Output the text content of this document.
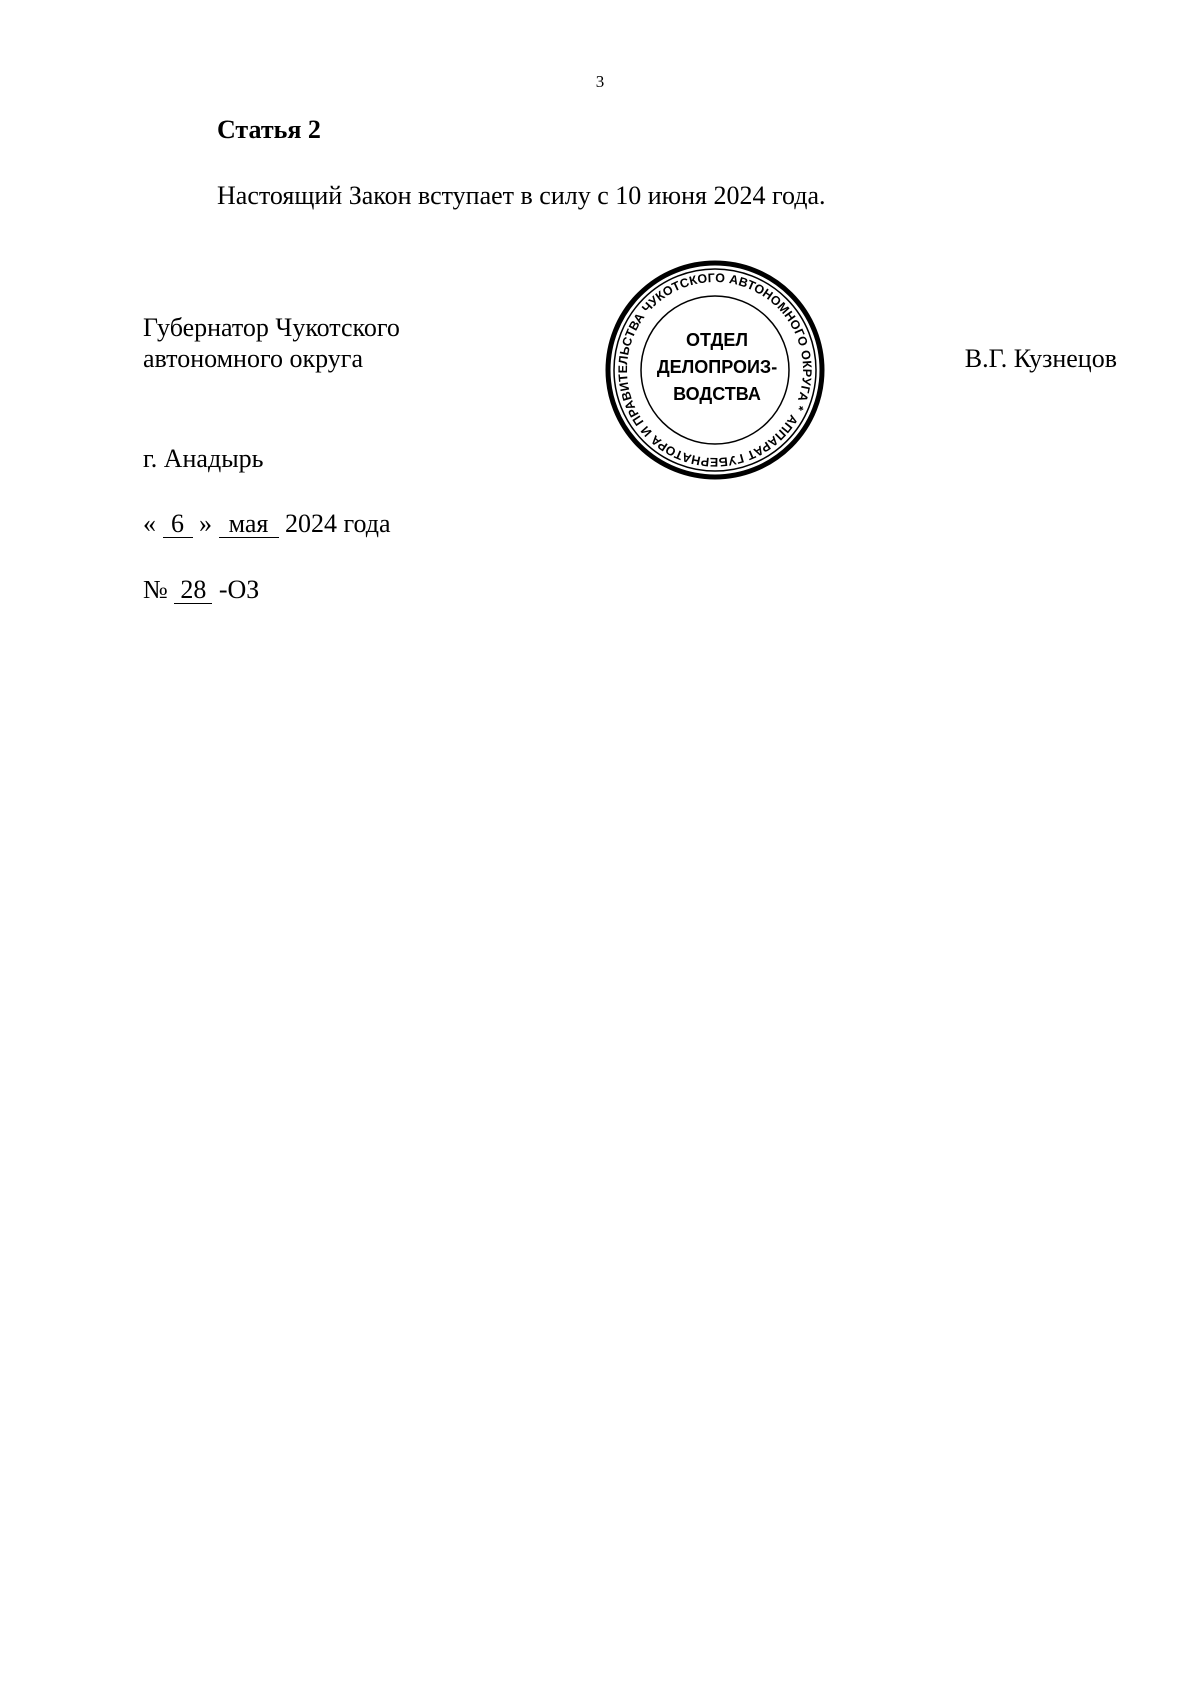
3
Статья 2
Настоящий Закон вступает в силу с 10 июня 2024 года.
Губернатор Чукотского
автономного округа	В.Г. Кузнецов
г. Анадырь
« 6 » мая 2024 года
№ 28 -ОЗ
АППАРАТ ГУБЕРНАТОРА И ПРАВИТЕЛЬСТВА ЧУКОТСКОГО АВТОНОМНОГО ОКРУГА *
ОТДЕЛ
ДЕЛОПРОИЗ-
ВОДСТВА
